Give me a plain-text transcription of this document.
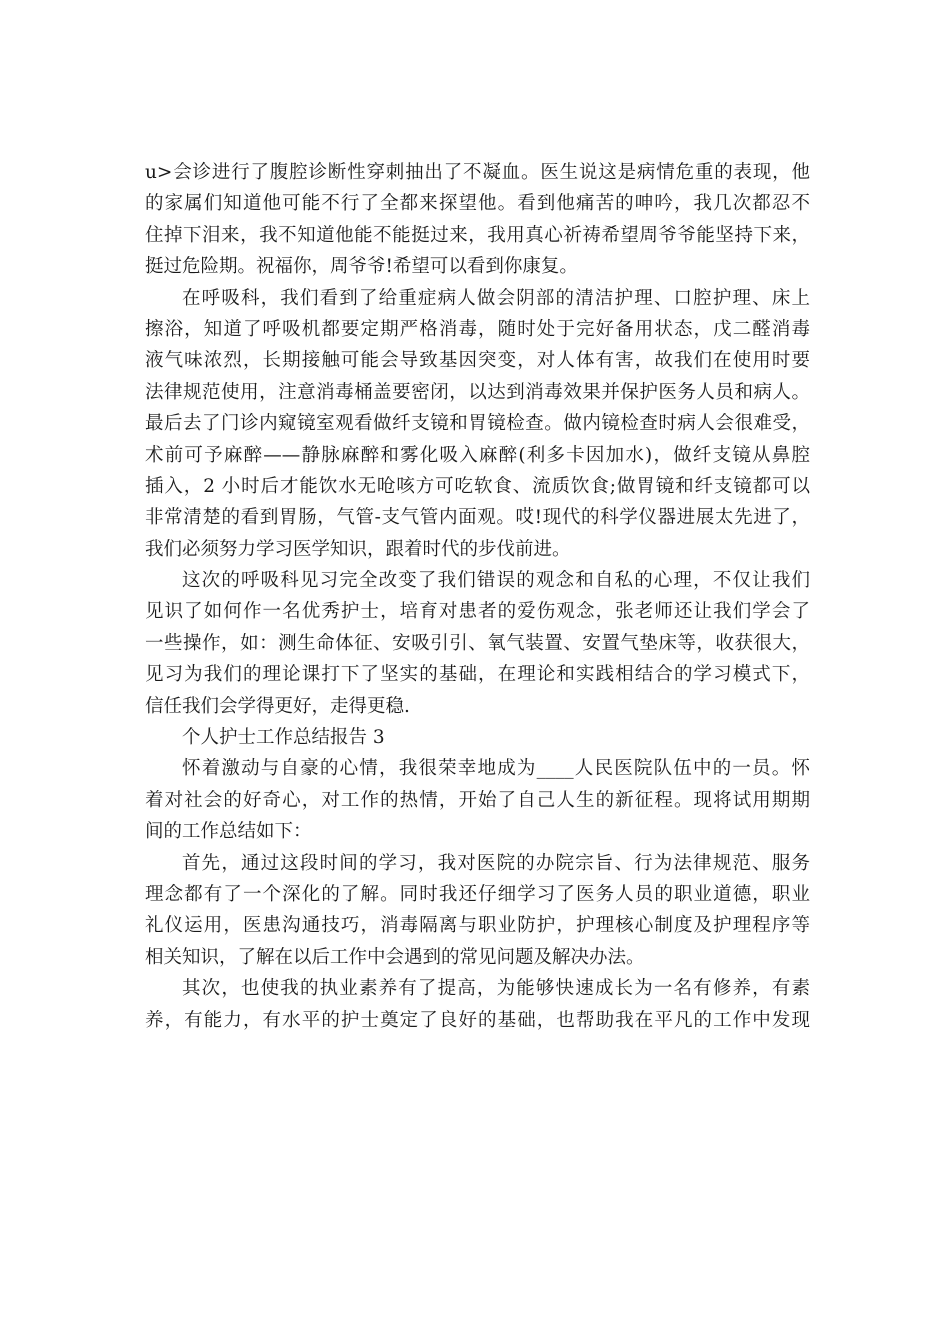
u>会诊进行了腹腔诊断性穿刺抽出了不凝血。医生说这是病情危重的表现，他
的家属们知道他可能不行了全都来探望他。看到他痛苦的呻吟，我几次都忍不
住掉下泪来，我不知道他能不能挺过来，我用真心祈祷希望周爷爷能坚持下来，
挺过危险期。祝福你，周爷爷!希望可以看到你康复。
在呼吸科，我们看到了给重症病人做会阴部的清洁护理、口腔护理、床上
擦浴，知道了呼吸机都要定期严格消毒，随时处于完好备用状态，戊二醛消毒
液气味浓烈，长期接触可能会导致基因突变，对人体有害，故我们在使用时要
法律规范使用，注意消毒桶盖要密闭，以达到消毒效果并保护医务人员和病人。
最后去了门诊内窥镜室观看做纤支镜和胃镜检查。做内镜检查时病人会很难受，
术前可予麻醉——静脉麻醉和雾化吸入麻醉(利多卡因加水)，做纤支镜从鼻腔
插入，2 小时后才能饮水无呛咳方可吃软食、流质饮食;做胃镜和纤支镜都可以
非常清楚的看到胃肠，气管-支气管内面观。哎!现代的科学仪器进展太先进了，
我们必须努力学习医学知识，跟着时代的步伐前进。
这次的呼吸科见习完全改变了我们错误的观念和自私的心理，不仅让我们
见识了如何作一名优秀护士，培育对患者的爱伤观念，张老师还让我们学会了
一些操作，如：测生命体征、安吸引引、氧气装置、安置气垫床等，收获很大，
见习为我们的理论课打下了坚实的基础，在理论和实践相结合的学习模式下，
信任我们会学得更好，走得更稳.
个人护士工作总结报告 3
怀着激动与自豪的心情，我很荣幸地成为____人民医院队伍中的一员。怀
着对社会的好奇心，对工作的热情，开始了自己人生的新征程。现将试用期期
间的工作总结如下：
首先，通过这段时间的学习，我对医院的办院宗旨、行为法律规范、服务
理念都有了一个深化的了解。同时我还仔细学习了医务人员的职业道德，职业
礼仪运用，医患沟通技巧，消毒隔离与职业防护，护理核心制度及护理程序等
相关知识，了解在以后工作中会遇到的常见问题及解决办法。
其次，也使我的执业素养有了提高，为能够快速成长为一名有修养，有素
养，有能力，有水平的护士奠定了良好的基础，也帮助我在平凡的工作中发现
